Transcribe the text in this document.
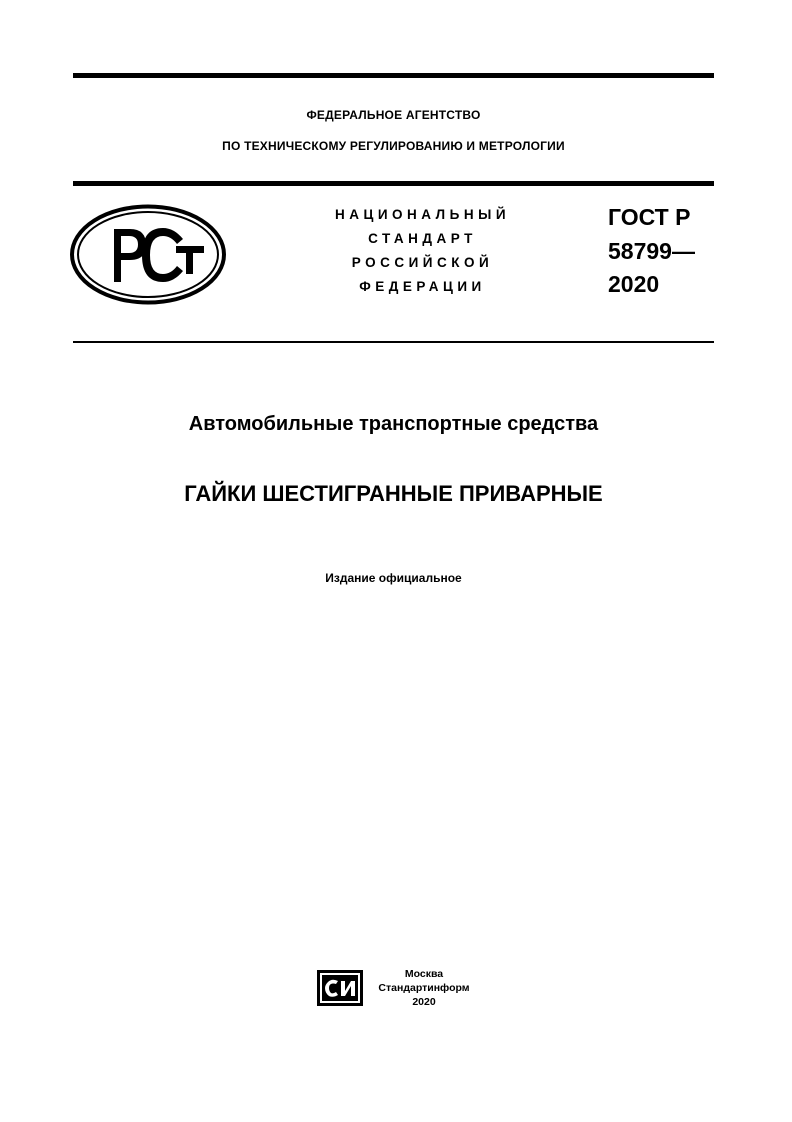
ФЕДЕРАЛЬНОЕ АГЕНТСТВО
ПО ТЕХНИЧЕСКОМУ РЕГУЛИРОВАНИЮ И МЕТРОЛОГИИ
НАЦИОНАЛЬНЫЙ
СТАНДАРТ
РОССИЙСКОЙ
ФЕДЕРАЦИИ
ГОСТ Р
58799—
2020
Автомобильные транспортные средства
ГАЙКИ ШЕСТИГРАННЫЕ ПРИВАРНЫЕ
Издание официальное
Москва
Стандартинформ
2020
